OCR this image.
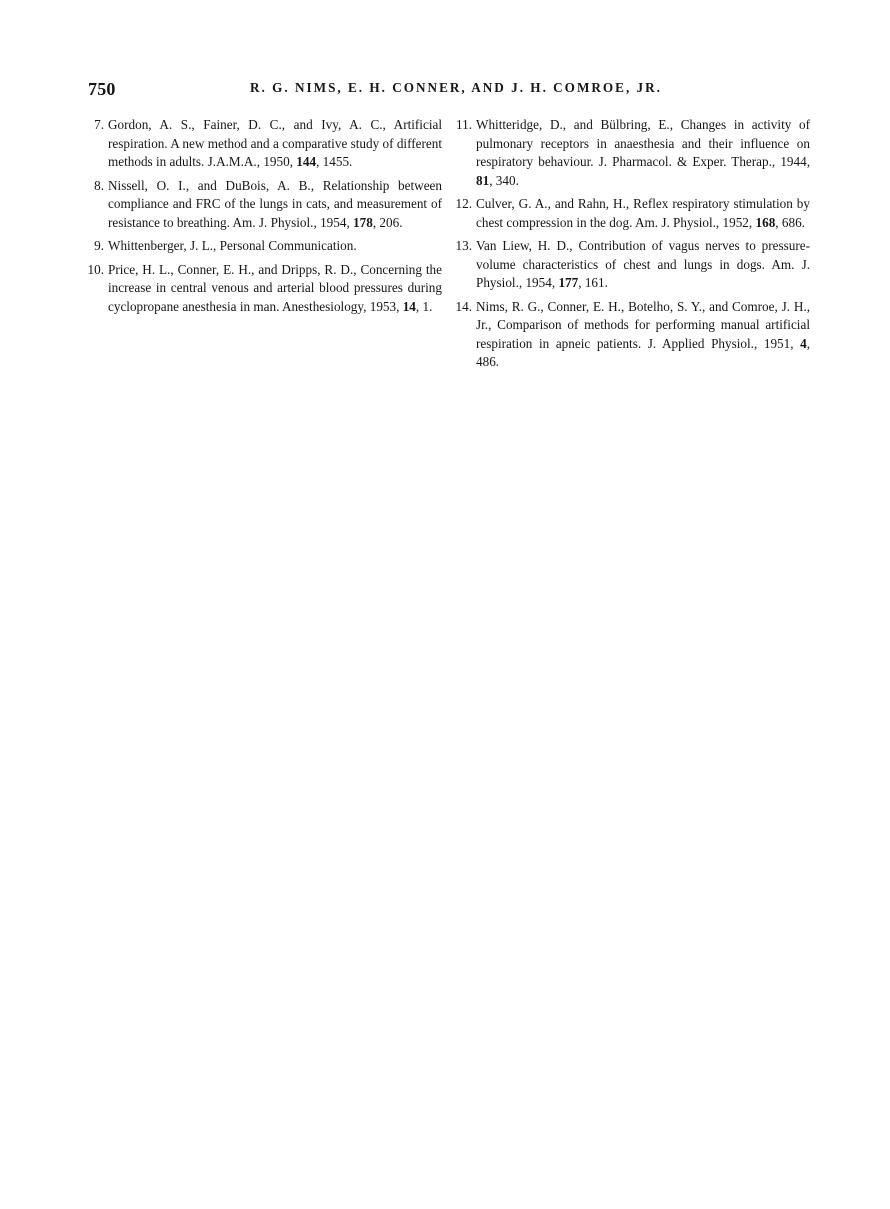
750	R. G. NIMS, E. H. CONNER, AND J. H. COMROE, JR.
7. Gordon, A. S., Fainer, D. C., and Ivy, A. C., Artificial respiration. A new method and a comparative study of different methods in adults. J.A.M.A., 1950, 144, 1455.
8. Nissell, O. I., and DuBois, A. B., Relationship between compliance and FRC of the lungs in cats, and measurement of resistance to breathing. Am. J. Physiol., 1954, 178, 206.
9. Whittenberger, J. L., Personal Communication.
10. Price, H. L., Conner, E. H., and Dripps, R. D., Concerning the increase in central venous and arterial blood pressures during cyclopropane anesthesia in man. Anesthesiology, 1953, 14, 1.
11. Whitteridge, D., and Bülbring, E., Changes in activity of pulmonary receptors in anaesthesia and their influence on respiratory behaviour. J. Pharmacol. & Exper. Therap., 1944, 81, 340.
12. Culver, G. A., and Rahn, H., Reflex respiratory stimulation by chest compression in the dog. Am. J. Physiol., 1952, 168, 686.
13. Van Liew, H. D., Contribution of vagus nerves to pressure-volume characteristics of chest and lungs in dogs. Am. J. Physiol., 1954, 177, 161.
14. Nims, R. G., Conner, E. H., Botelho, S. Y., and Comroe, J. H., Jr., Comparison of methods for performing manual artificial respiration in apneic patients. J. Applied Physiol., 1951, 4, 486.
